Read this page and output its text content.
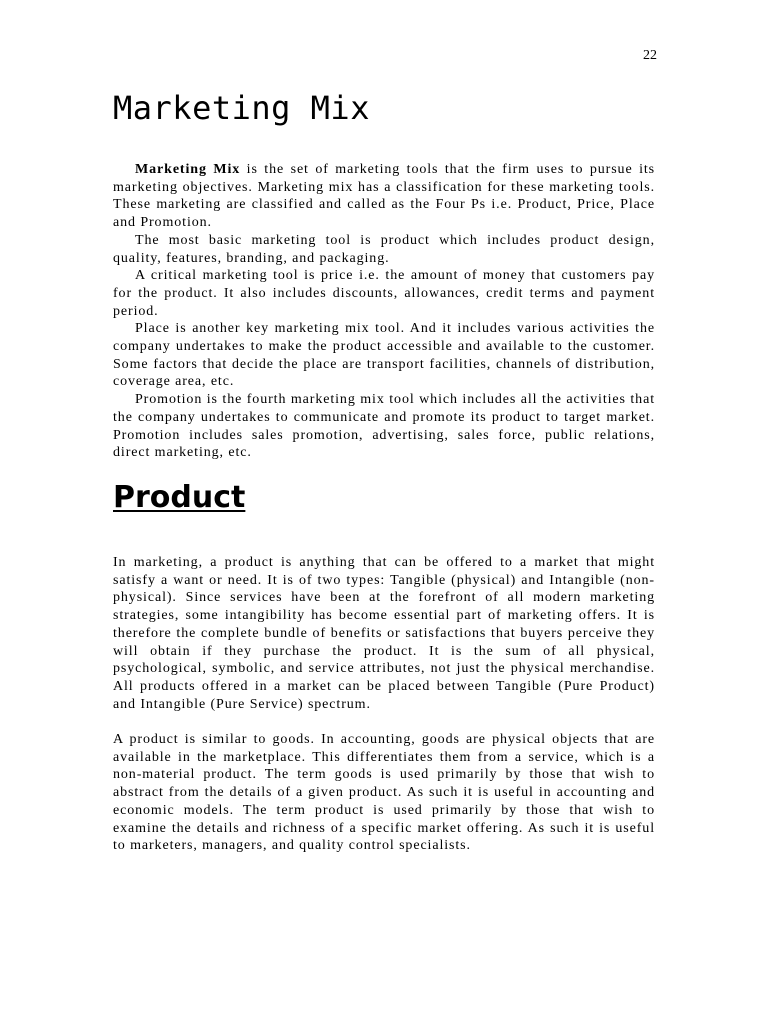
22
Marketing Mix

Marketing Mix is the set of marketing tools that the firm uses to pursue its marketing objectives. Marketing mix has a classification for these marketing tools. These marketing are classified and called as the Four Ps i.e. Product, Price, Place and Promotion.

The most basic marketing tool is product which includes product design, quality, features, branding, and packaging.

A critical marketing tool is price i.e. the amount of money that customers pay for the product. It also includes discounts, allowances, credit terms and payment period.

Place is another key marketing mix tool. And it includes various activities the company undertakes to make the product accessible and available to the customer. Some factors that decide the place are transport facilities, channels of distribution, coverage area, etc.

Promotion is the fourth marketing mix tool which includes all the activities that the company undertakes to communicate and promote its product to target market. Promotion includes sales promotion, advertising, sales force, public relations, direct marketing, etc.

Product

In marketing, a product is anything that can be offered to a market that might satisfy a want or need. It is of two types: Tangible (physical) and Intangible (non-physical). Since services have been at the forefront of all modern marketing strategies, some intangibility has become essential part of marketing offers. It is therefore the complete bundle of benefits or satisfactions that buyers perceive they will obtain if they purchase the product. It is the sum of all physical, psychological, symbolic, and service attributes, not just the physical merchandise. All products offered in a market can be placed between Tangible (Pure Product) and Intangible (Pure Service) spectrum.

A product is similar to goods. In accounting, goods are physical objects that are available in the marketplace. This differentiates them from a service, which is a non-material product. The term goods is used primarily by those that wish to abstract from the details of a given product. As such it is useful in accounting and economic models. The term product is used primarily by those that wish to examine the details and richness of a specific market offering. As such it is useful to marketers, managers, and quality control specialists.
